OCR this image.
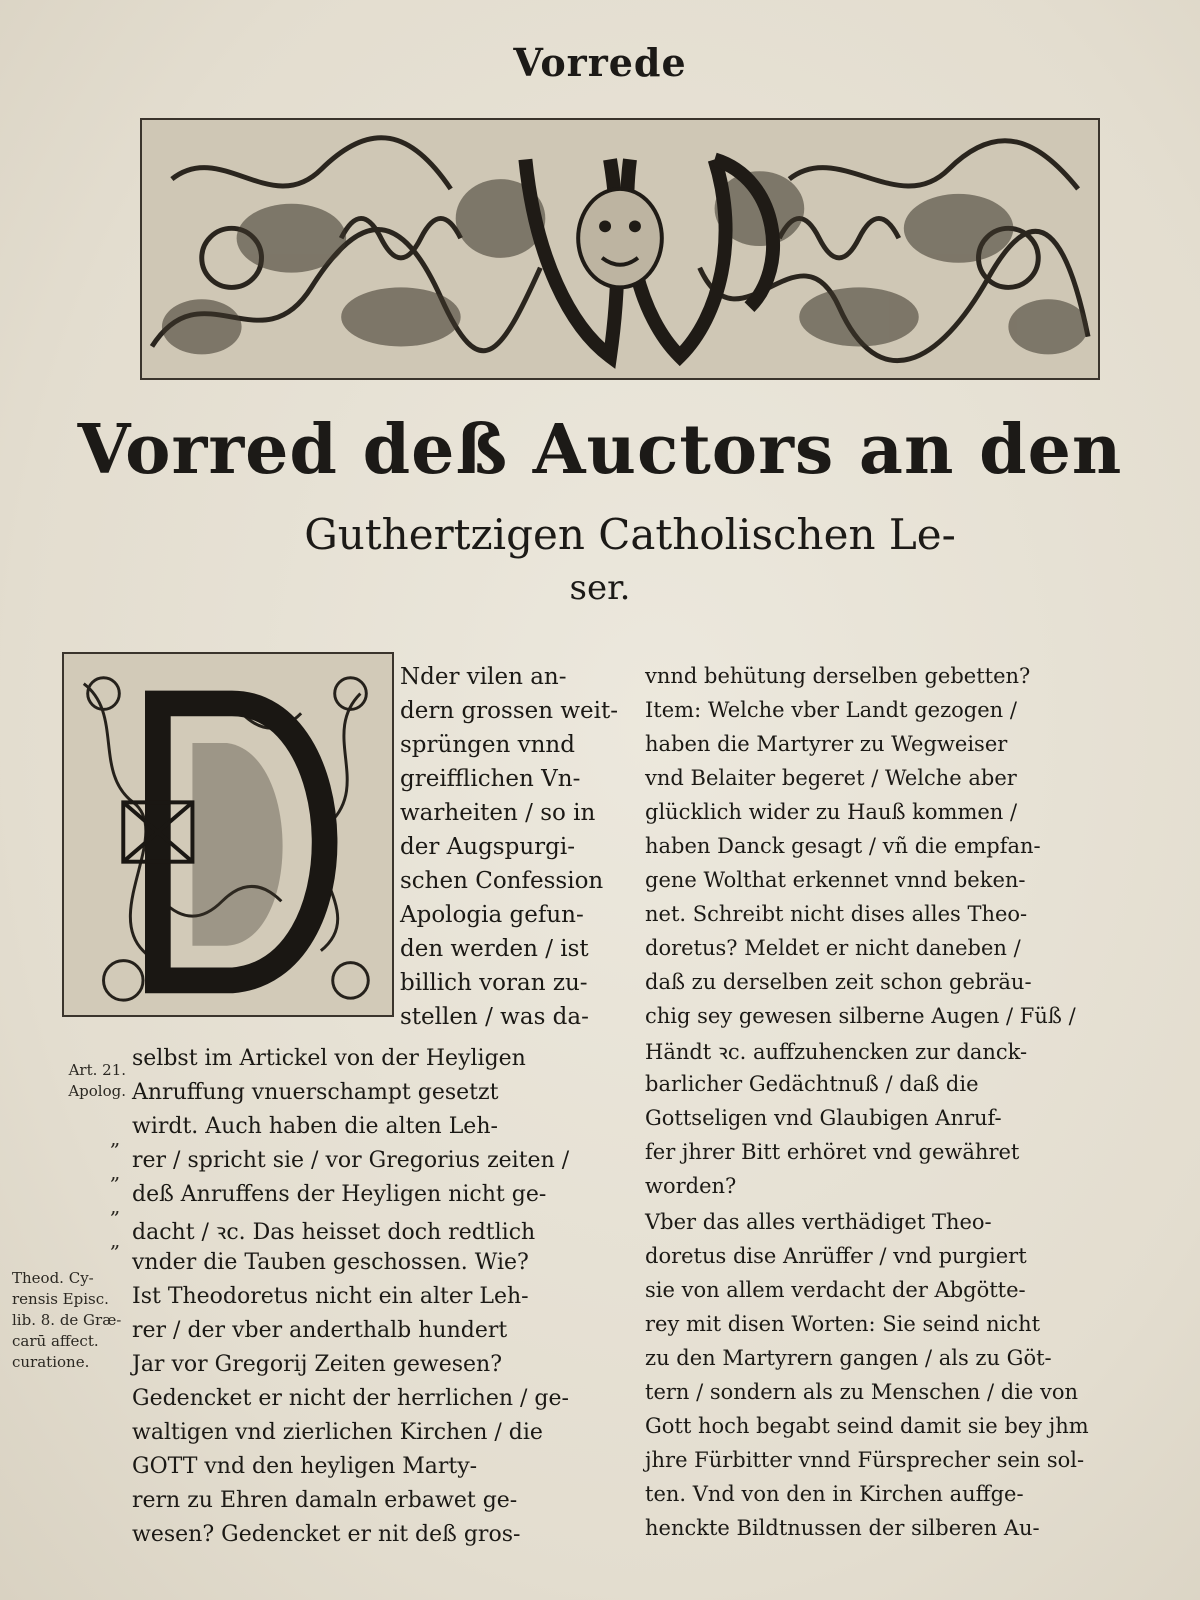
Vorrede
Vorred deß Auctors an den
Guthertzigen Catholischen Le-
ser.
Art. 21.
Apolog.
Theod. Cy-
rensis Episc.
lib. 8. de Græ-
carū affect.
curatione.
„
„
„
„
Nder vilen an-
dern grossen weit-
sprüngen vnnd
greifflichen Vn-
warheiten / so in
der Augspurgi-
schen Confession
Apologia gefun-
den werden / ist
billich voran zu-
stellen / was da-
selbst im Artickel von der Heyligen
Anruffung vnuerschampt gesetzt
wirdt. Auch haben die alten Leh-
rer / spricht sie / vor Gregorius zeiten /
deß Anruffens der Heyligen nicht ge-
dacht / ꝛc. Das heisset doch redtlich
vnder die Tauben geschossen. Wie?
Ist Theodoretus nicht ein alter Leh-
rer / der vber anderthalb hundert
Jar vor Gregorij Zeiten gewesen?
Gedencket er nicht der herrlichen / ge-
waltigen vnd zierlichen Kirchen / die
GOTT vnd den heyligen Marty-
rern zu Ehren damaln erbawet ge-
wesen? Gedencket er nit deß gros-
vnnd behütung derselben gebetten?
Item: Welche vber Landt gezogen /
haben die Martyrer zu Wegweiser
vnd Belaiter begeret / Welche aber
glücklich wider zu Hauß kommen /
haben Danck gesagt / vñ die empfan-
gene Wolthat erkennet vnnd beken-
net. Schreibt nicht dises alles Theo-
doretus? Meldet er nicht daneben /
daß zu derselben zeit schon gebräu-
chig sey gewesen silberne Augen / Füß /
Händt ꝛc. auffzuhencken zur danck-
barlicher Gedächtnuß / daß die
Gottseligen vnd Glaubigen Anruf-
fer jhrer Bitt erhöret vnd gewähret
worden?
Vber das alles verthädiget Theo-
doretus dise Anrüffer / vnd purgiert
sie von allem verdacht der Abgötte-
rey mit disen Worten: Sie seind nicht
zu den Martyrern gangen / als zu Göt-
tern / sondern als zu Menschen / die von
Gott hoch begabt seind damit sie bey jhm
jhre Fürbitter vnnd Fürsprecher sein sol-
ten. Vnd von den in Kirchen auffge-
henckte Bildtnussen der silberen Au-
